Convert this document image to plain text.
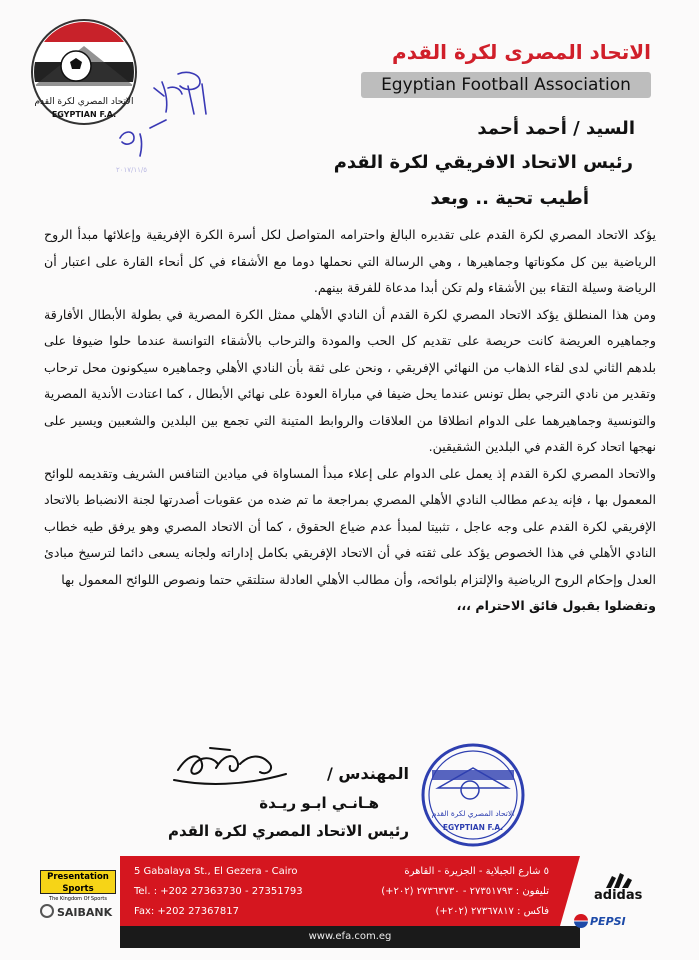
الاتحاد المصري لكرة القدم
EGYPTIAN F.A.
٢٠١٧/١١/٥
الاتحاد المصرى لكرة القدم
Egyptian Football Association
السيد / أحمد أحمد
رئيس الاتحاد الافريقي لكرة القدم
أطيب تحية .. وبعد

يؤكد الاتحاد المصري لكرة القدم على تقديره البالغ واحترامه المتواصل لكل أسرة الكرة الإفريقية وإعلائها مبدأ الروح الرياضية بين كل مكوناتها وجماهيرها ، وهي الرسالة التي نحملها دوما مع الأشقاء في كل أنحاء القارة على اعتبار أن الرياضة وسيلة التقاء بين الأشقاء ولم تكن أبدا مدعاة للفرقة بينهم.

ومن هذا المنطلق يؤكد الاتحاد المصري لكرة القدم أن النادي الأهلي ممثل الكرة المصرية في بطولة الأبطال الأفارقة وجماهيره العريضة كانت حريصة على تقديم كل الحب والمودة والترحاب بالأشقاء التوانسة عندما حلوا ضيوفا على بلدهم الثاني لدى لقاء الذهاب من النهائي الإفريقي ، ونحن على ثقة بأن النادي الأهلي وجماهيره سيكونون محل ترحاب وتقدير من نادي الترجي بطل تونس عندما يحل ضيفا في مباراة العودة على نهائي الأبطال ، كما اعتادت الأندية المصرية والتونسية وجماهيرهما على الدوام انطلاقا من العلاقات والروابط المتينة التي تجمع بين البلدين والشعبين ويسير على نهجها اتحاد كرة القدم في البلدين الشقيقين.

والاتحاد المصري لكرة القدم إذ يعمل على الدوام على إعلاء مبدأ المساواة في ميادين التنافس الشريف وتقديمه للوائح المعمول بها ، فإنه يدعم مطالب النادي الأهلي المصري بمراجعة ما تم ضده من عقوبات أصدرتها لجنة الانضباط بالاتحاد الإفريقي لكرة القدم على وجه عاجل ، تثبيتا لمبدأ عدم ضياع الحقوق ، كما أن الاتحاد المصري وهو يرفق طيه خطاب النادي الأهلي في هذا الخصوص يؤكد على ثقته في أن الاتحاد الإفريقي بكامل إداراته ولجانه يسعى دائما لترسيخ مبادئ العدل وإحكام الروح الرياضية والإلتزام بلوائحه، وأن مطالب الأهلي العادلة ستلتقي حتما ونصوص اللوائح المعمول بها

وتفضلوا بقبول فائق الاحترام ،،،

المهندس /
هـانـي ابـو ريـدة
رئيس الاتحاد المصري لكرة القدم
الاتحاد المصري لكرة القدم
EGYPTIAN F.A.
5 Gabalaya St., El Gezera - Cairo
Tel. : +202 27363730 - 27351793
Fax: +202 27367817
٥ شارع الجبلاية - الجزيرة - القاهرة
تليفون : ٢٧٣٥١٧٩٣ - ٢٧٣٦٣٧٣٠ (٢٠٢+)
فاكس : ٢٧٣٦٧٨١٧ (٢٠٢+)
www.efa.com.eg
Presentation Sports
The Kingdom Of Sports
SAIBANK
adidas
PEPSI
